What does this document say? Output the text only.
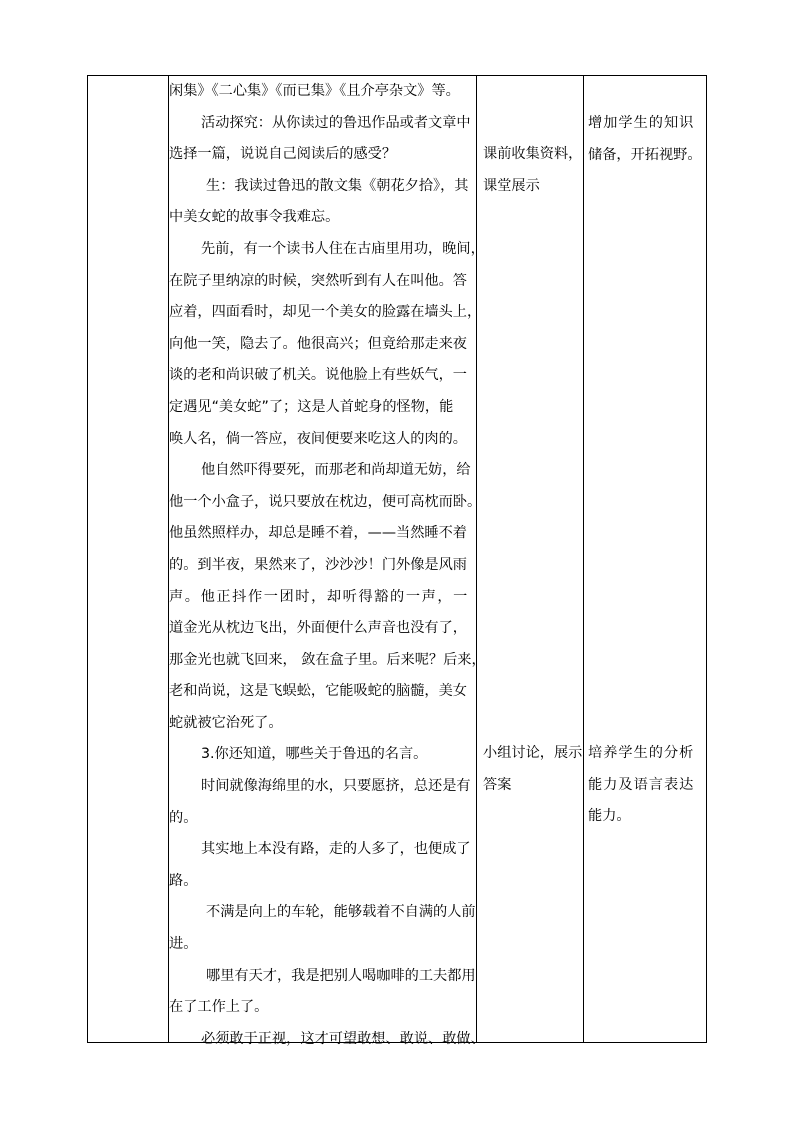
闲集》《二心集》《而已集》《且介亭杂文》等。

活动探究：从你读过的鲁迅作品或者文章中

选择一篇，说说自己阅读后的感受？

生：我读过鲁迅的散文集《朝花夕拾》，其

中美女蛇的故事令我难忘。

先前，有一个读书人住在古庙里用功，晚间，

在院子里纳凉的时候，突然听到有人在叫他。答

应着，四面看时，却见一个美女的脸露在墙头上，

向他一笑，隐去了。他很高兴；但竟给那走来夜

谈的老和尚识破了机关。说他脸上有些妖气，一

定遇见“美女蛇”了；这是人首蛇身的怪物，能

唤人名，倘一答应，夜间便要来吃这人的肉的。

他自然吓得要死，而那老和尚却道无妨，给

他一个小盒子，说只要放在枕边，便可高枕而卧。

他虽然照样办，却总是睡不着，——当然睡不着

的。到半夜，果然来了，沙沙沙！门外像是风雨

声。他正抖作一团时，却听得豁的一声，一

道金光从枕边飞出，外面便什么声音也没有了，

那金光也就飞回来， 敛在盒子里。后来呢？后来，

老和尚说，这是飞蜈蚣，它能吸蛇的脑髓，美女

蛇就被它治死了。

3.你还知道，哪些关于鲁迅的名言。

时间就像海绵里的水，只要愿挤，总还是有

的。

其实地上本没有路，走的人多了，也便成了

路。

不满是向上的车轮，能够载着不自满的人前

进。

哪里有天才，我是把别人喝咖啡的工夫都用

在了工作上了。

必须敢于正视，这才可望敢想、敢说、敢做、

课前收集资料，

课堂展示

小组讨论，展示

答案

增加学生的知识

储备，开拓视野。

培养学生的分析

能力及语言表达

能力。
